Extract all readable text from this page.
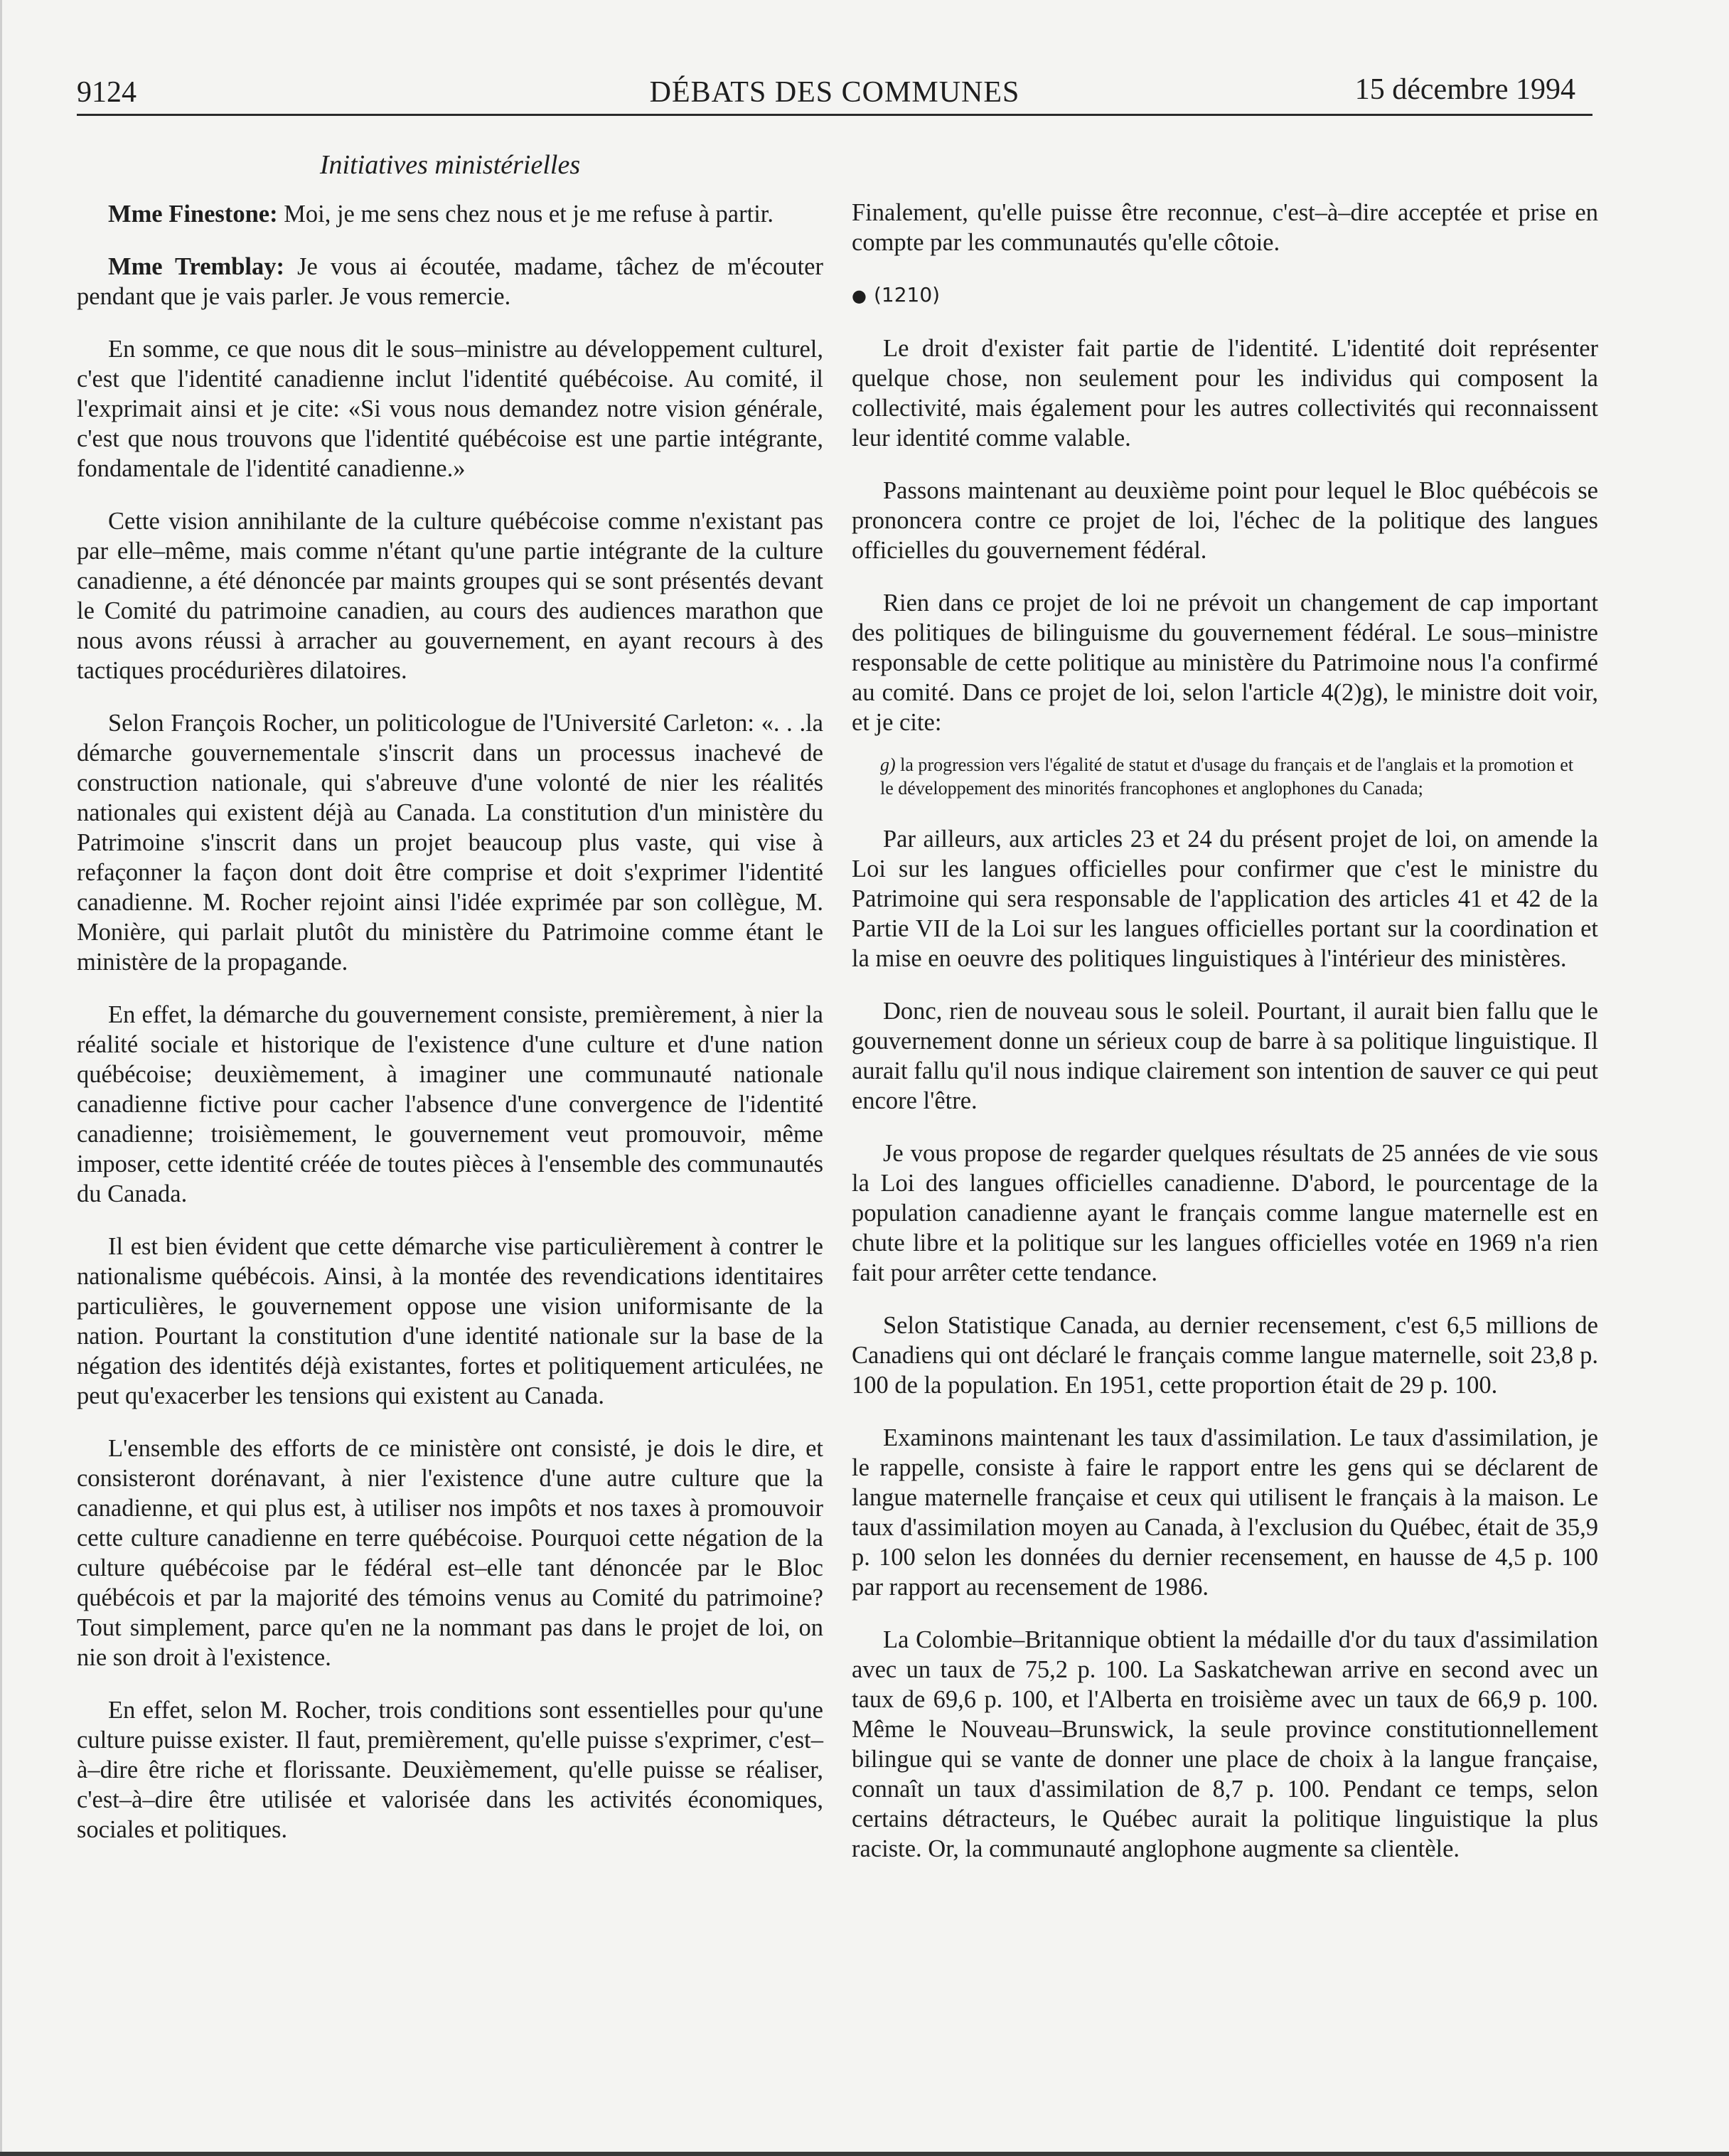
9124	DÉBATS DES COMMUNES	15 décembre 1994
Initiatives ministérielles

Mme Finestone: Moi, je me sens chez nous et je me refuse à partir.

Mme Tremblay: Je vous ai écoutée, madame, tâchez de m'écouter pendant que je vais parler. Je vous remercie.

En somme, ce que nous dit le sous–ministre au développement culturel, c'est que l'identité canadienne inclut l'identité québécoise. Au comité, il l'exprimait ainsi et je cite: «Si vous nous demandez notre vision générale, c'est que nous trouvons que l'identité québécoise est une partie intégrante, fondamentale de l'identité canadienne.»

Cette vision annihilante de la culture québécoise comme n'existant pas par elle–même, mais comme n'étant qu'une partie intégrante de la culture canadienne, a été dénoncée par maints groupes qui se sont présentés devant le Comité du patrimoine canadien, au cours des audiences marathon que nous avons réussi à arracher au gouvernement, en ayant recours à des tactiques procédurières dilatoires.

Selon François Rocher, un politicologue de l'Université Carleton: «. . .la démarche gouvernementale s'inscrit dans un processus inachevé de construction nationale, qui s'abreuve d'une volonté de nier les réalités nationales qui existent déjà au Canada. La constitution d'un ministère du Patrimoine s'inscrit dans un projet beaucoup plus vaste, qui vise à refaçonner la façon dont doit être comprise et doit s'exprimer l'identité canadienne. M. Rocher rejoint ainsi l'idée exprimée par son collègue, M. Monière, qui parlait plutôt du ministère du Patrimoine comme étant le ministère de la propagande.

En effet, la démarche du gouvernement consiste, premièrement, à nier la réalité sociale et historique de l'existence d'une culture et d'une nation québécoise; deuxièmement, à imaginer une communauté nationale canadienne fictive pour cacher l'absence d'une convergence de l'identité canadienne; troisièmement, le gouvernement veut promouvoir, même imposer, cette identité créée de toutes pièces à l'ensemble des communautés du Canada.

Il est bien évident que cette démarche vise particulièrement à contrer le nationalisme québécois. Ainsi, à la montée des revendications identitaires particulières, le gouvernement oppose une vision uniformisante de la nation. Pourtant la constitution d'une identité nationale sur la base de la négation des identités déjà existantes, fortes et politiquement articulées, ne peut qu'exacerber les tensions qui existent au Canada.

L'ensemble des efforts de ce ministère ont consisté, je dois le dire, et consisteront dorénavant, à nier l'existence d'une autre culture que la canadienne, et qui plus est, à utiliser nos impôts et nos taxes à promouvoir cette culture canadienne en terre québécoise. Pourquoi cette négation de la culture québécoise par le fédéral est–elle tant dénoncée par le Bloc québécois et par la majorité des témoins venus au Comité du patrimoine? Tout simplement, parce qu'en ne la nommant pas dans le projet de loi, on nie son droit à l'existence.

En effet, selon M. Rocher, trois conditions sont essentielles pour qu'une culture puisse exister. Il faut, premièrement, qu'elle puisse s'exprimer, c'est–à–dire être riche et florissante. Deuxièmement, qu'elle puisse se réaliser, c'est–à–dire être utilisée et valorisée dans les activités économiques, sociales et politiques.

Finalement, qu'elle puisse être reconnue, c'est–à–dire acceptée et prise en compte par les communautés qu'elle côtoie.

● (1210)

Le droit d'exister fait partie de l'identité. L'identité doit représenter quelque chose, non seulement pour les individus qui composent la collectivité, mais également pour les autres collectivités qui reconnaissent leur identité comme valable.

Passons maintenant au deuxième point pour lequel le Bloc québécois se prononcera contre ce projet de loi, l'échec de la politique des langues officielles du gouvernement fédéral.

Rien dans ce projet de loi ne prévoit un changement de cap important des politiques de bilinguisme du gouvernement fédéral. Le sous–ministre responsable de cette politique au ministère du Patrimoine nous l'a confirmé au comité. Dans ce projet de loi, selon l'article 4(2)g), le ministre doit voir, et je cite:

g) la progression vers l'égalité de statut et d'usage du français et de l'anglais et la promotion et le développement des minorités francophones et anglophones du Canada;

Par ailleurs, aux articles 23 et 24 du présent projet de loi, on amende la Loi sur les langues officielles pour confirmer que c'est le ministre du Patrimoine qui sera responsable de l'application des articles 41 et 42 de la Partie VII de la Loi sur les langues officielles portant sur la coordination et la mise en oeuvre des politiques linguistiques à l'intérieur des ministères.

Donc, rien de nouveau sous le soleil. Pourtant, il aurait bien fallu que le gouvernement donne un sérieux coup de barre à sa politique linguistique. Il aurait fallu qu'il nous indique clairement son intention de sauver ce qui peut encore l'être.

Je vous propose de regarder quelques résultats de 25 années de vie sous la Loi des langues officielles canadienne. D'abord, le pourcentage de la population canadienne ayant le français comme langue maternelle est en chute libre et la politique sur les langues officielles votée en 1969 n'a rien fait pour arrêter cette tendance.

Selon Statistique Canada, au dernier recensement, c'est 6,5 millions de Canadiens qui ont déclaré le français comme langue maternelle, soit 23,8 p. 100 de la population. En 1951, cette proportion était de 29 p. 100.

Examinons maintenant les taux d'assimilation. Le taux d'assimilation, je le rappelle, consiste à faire le rapport entre les gens qui se déclarent de langue maternelle française et ceux qui utilisent le français à la maison. Le taux d'assimilation moyen au Canada, à l'exclusion du Québec, était de 35,9 p. 100 selon les données du dernier recensement, en hausse de 4,5 p. 100 par rapport au recensement de 1986.

La Colombie–Britannique obtient la médaille d'or du taux d'assimilation avec un taux de 75,2 p. 100. La Saskatchewan arrive en second avec un taux de 69,6 p. 100, et l'Alberta en troisième avec un taux de 66,9 p. 100. Même le Nouveau–Brunswick, la seule province constitutionnellement bilingue qui se vante de donner une place de choix à la langue française, connaît un taux d'assimilation de 8,7 p. 100. Pendant ce temps, selon certains détracteurs, le Québec aurait la politique linguistique la plus raciste. Or, la communauté anglophone augmente sa clientèle.
